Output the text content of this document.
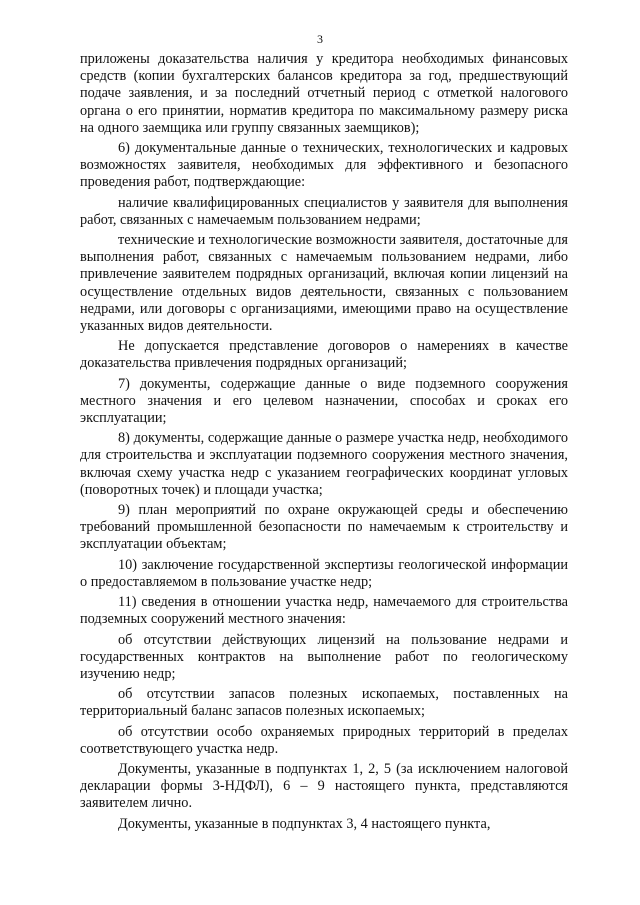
3

приложены доказательства наличия у кредитора необходимых финансовых средств (копии бухгалтерских балансов кредитора за год, предшествующий подаче заявления, и за последний отчетный период с отметкой налогового органа о его принятии, норматив кредитора по максимальному размеру риска на одного заемщика или группу связанных заемщиков);

6) документальные данные о технических, технологических и кадровых возможностях заявителя, необходимых для эффективного и безопасного проведения работ, подтверждающие:

наличие квалифицированных специалистов у заявителя для выполнения работ, связанных с намечаемым пользованием недрами;

технические и технологические возможности заявителя, достаточные для выполнения работ, связанных с намечаемым пользованием недрами, либо привлечение заявителем подрядных организаций, включая копии лицензий на осуществление отдельных видов деятельности, связанных с пользованием недрами, или договоры с организациями, имеющими право на осуществление указанных видов деятельности.

Не допускается представление договоров о намерениях в качестве доказательства привлечения подрядных организаций;

7) документы, содержащие данные о виде подземного сооружения местного значения и его целевом назначении, способах и сроках его эксплуатации;

8) документы, содержащие данные о размере участка недр, необходимого для строительства и эксплуатации подземного сооружения местного значения, включая схему участка недр с указанием географических координат угловых (поворотных точек) и площади участка;

9) план мероприятий по охране окружающей среды и обеспечению требований промышленной безопасности по намечаемым к строительству и эксплуатации объектам;

10) заключение государственной экспертизы геологической информации о предоставляемом в пользование участке недр;

11) сведения в отношении участка недр, намечаемого для строительства подземных сооружений местного значения:

об отсутствии действующих лицензий на пользование недрами и государственных контрактов на выполнение работ по геологическому изучению недр;

об отсутствии запасов полезных ископаемых, поставленных на территориальный баланс запасов полезных ископаемых;

об отсутствии особо охраняемых природных территорий в пределах соответствующего участка недр.

Документы, указанные в подпунктах 1, 2, 5 (за исключением налоговой декларации формы 3-НДФЛ), 6 – 9 настоящего пункта, представляются заявителем лично.

Документы, указанные в подпунктах 3, 4 настоящего пункта,
